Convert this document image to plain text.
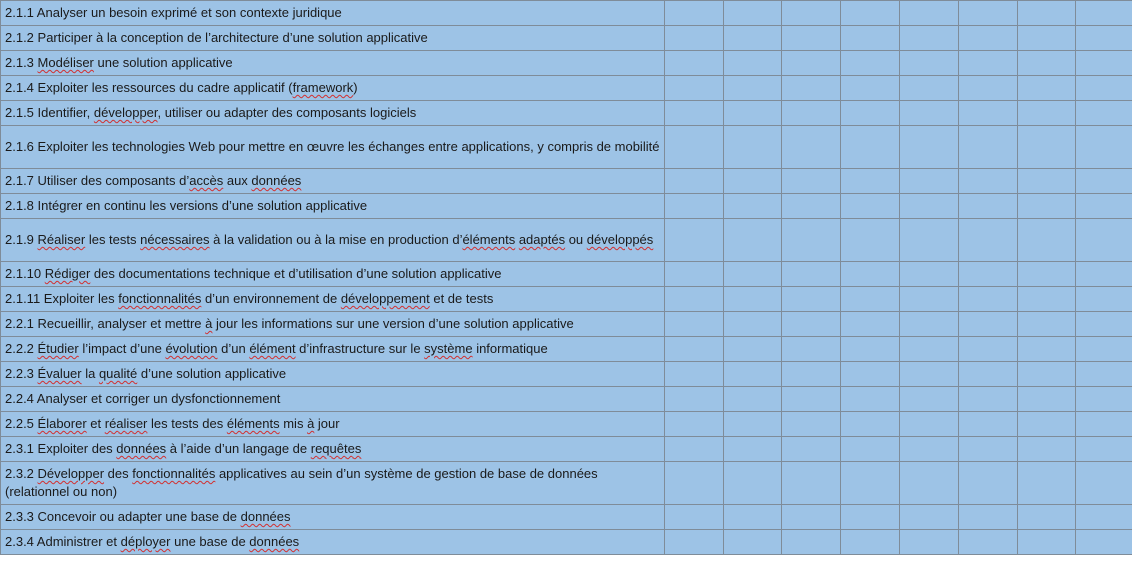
2.1.1 Analyser un besoin exprimé et son contexte juridique								
2.1.2 Participer à la conception de l’architecture d’une solution applicative								
2.1.3 Modéliser une solution applicative								
2.1.4 Exploiter les ressources du cadre applicatif (framework)								
2.1.5 Identifier, développer, utiliser ou adapter des composants logiciels								
2.1.6 Exploiter les technologies Web pour mettre en œuvre les échanges entre applications, y compris de mobilité								
2.1.7 Utiliser des composants d’accès aux données								
2.1.8 Intégrer en continu les versions d’une solution applicative								
2.1.9 Réaliser les tests nécessaires à la validation ou à la mise en production d’éléments adaptés ou développés								
2.1.10 Rédiger des documentations technique et d’utilisation d’une solution applicative								
2.1.11 Exploiter les fonctionnalités d’un environnement de développement et de tests								
2.2.1 Recueillir, analyser et mettre à jour les informations sur une version d’une solution applicative								
2.2.2 Étudier l’impact d’une évolution d’un élément d’infrastructure sur le système informatique								
2.2.3 Évaluer la qualité d’une solution applicative								
2.2.4 Analyser et corriger un dysfonctionnement								
2.2.5 Élaborer et réaliser les tests des éléments mis à jour								
2.3.1 Exploiter des données à l’aide d’un langage de requêtes								
2.3.2 Développer des fonctionnalités applicatives au sein d’un système de gestion de base de données (relationnel ou non)								
2.3.3 Concevoir ou adapter une base de données								
2.3.4 Administrer et déployer une base de données								
